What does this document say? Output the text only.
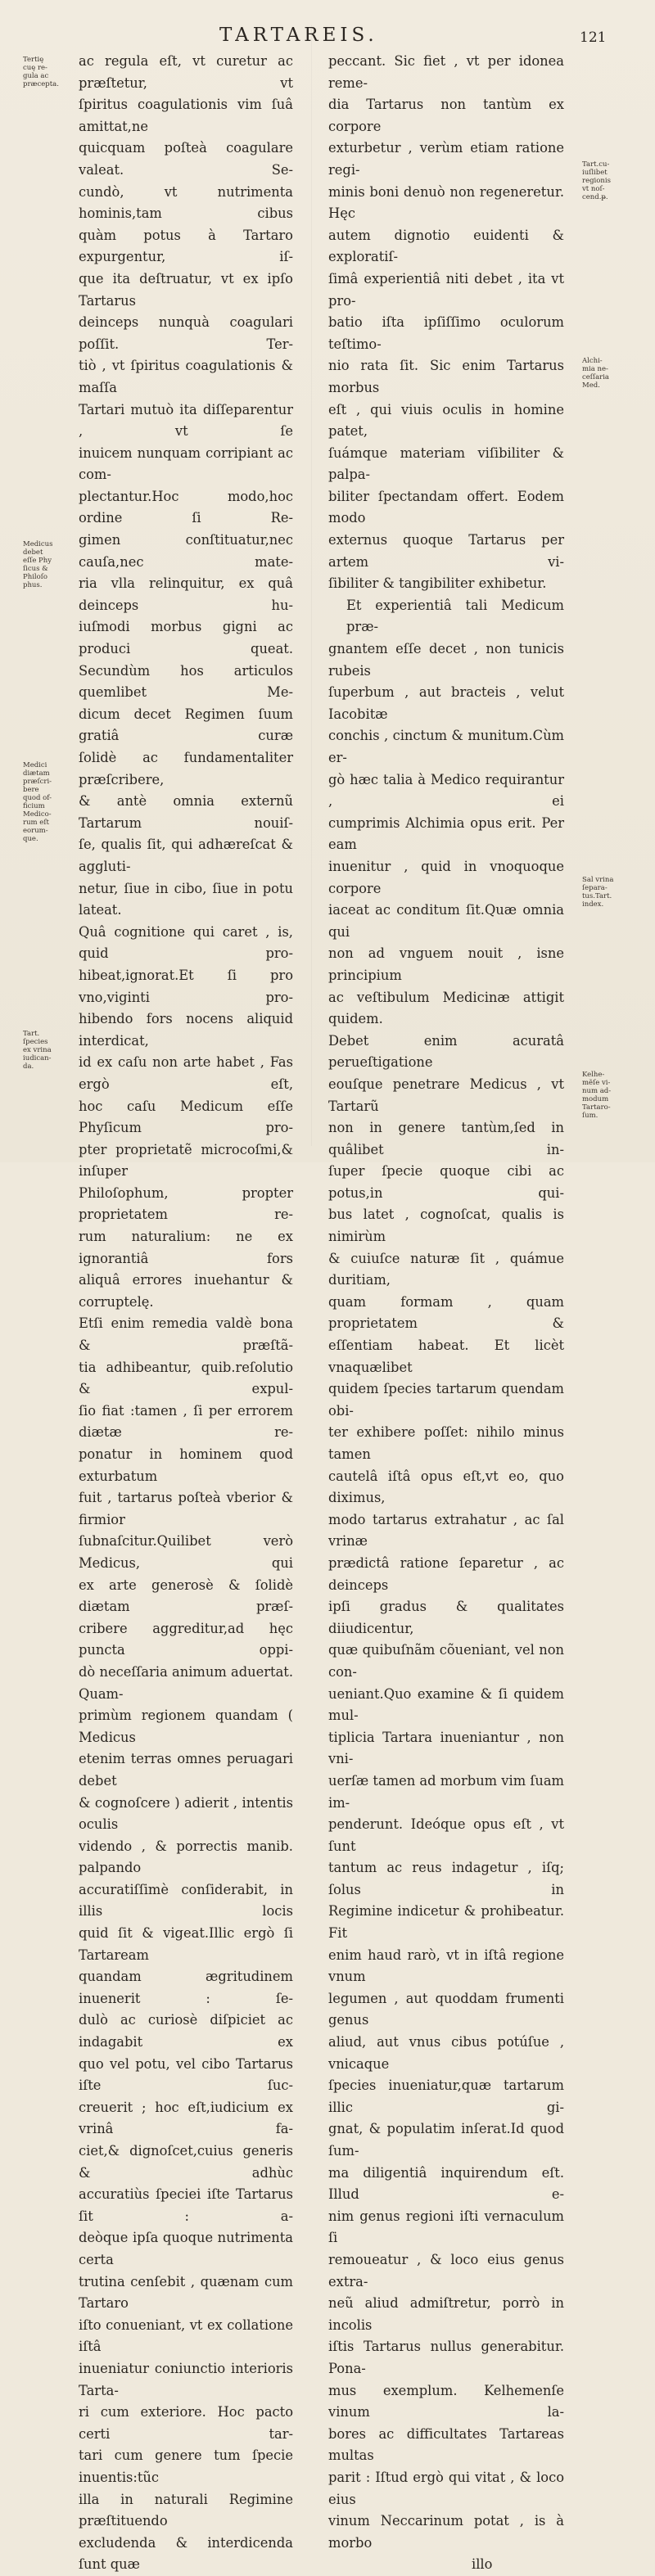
TARTAREIS.	121

ac regula eſt, vt curetur ac præſtetur, vt

ſpiritus coagulationis vim ſuâ amittat,ne

quicquam poſteà coagulare valeat. Se-

cundò, vt nutrimenta hominis,tam cibus

quàm potus à Tartaro expurgentur, iſ-

que ita deſtruatur, vt ex ipſo Tartarus

deinceps nunquà coagulari poſſit. Ter-

tiò , vt ſpiritus coagulationis & maſſa

Tartari mutuò ita diſſeparentur , vt ſe

inuicem nunquam corripiant ac com-

plectantur.Hoc modo,hoc ordine ſi Re-

gimen conſtituatur,nec cauſa,nec mate-

ria vlla relinquitur, ex quâ deinceps hu-

iuſmodi morbus gigni ac produci queat.

Secundùm hos articulos quemlibet Me-

dicum decet Regimen ſuum gratiâ curæ

ſolidè ac fundamentaliter præſcribere,

& antè omnia externũ Tartarum nouiſ-

ſe, qualis ſit, qui adhæreſcat & aggluti-

netur, ſiue in cibo, ſiue in potu lateat.

Quâ cognitione qui caret , is, quid pro-

hibeat,ignorat.Et ſi pro vno,viginti pro-

hibendo fors nocens aliquid interdicat,

id ex caſu non arte habet , Fas ergò eſt,

hoc caſu Medicum eſſe Phyſicum pro-

pter proprietatẽ microcoſmi,& inſuper

Philoſophum, propter proprietatem re-

rum naturalium: ne ex ignorantiâ fors

aliquâ errores inuehantur & corruptelę.

Etſi enim remedia valdè bona & præſtã-

tia adhibeantur, quib.reſolutio & expul-

ſio fiat :tamen , ſi per errorem diætæ re-

ponatur in hominem quod exturbatum

fuit , tartarus poſteà vberior & firmior

ſubnaſcitur.Quilibet verò Medicus, qui

ex arte generosè & ſolidè diætam præſ-

cribere aggreditur,ad hęc puncta oppi-

dò neceſſaria animum aduertat. Quam-

primùm regionem quandam ( Medicus

etenim terras omnes peruagari debet

& cognoſcere ) adierit , intentis oculis

videndo , & porrectis manib. palpando

accuratiſſimè conſiderabit, in illis locis

quid ſit & vigeat.Illic ergò ſi Tartaream

quandam ægritudinem inuenerit : ſe-

dulò ac curiosè diſpiciet ac indagabit ex

quo vel potu, vel cibo Tartarus iſte ſuc-

creuerit ; hoc eſt,iudicium ex vrinâ fa-

ciet,& dignoſcet,cuius generis & adhùc

accuratiùs ſpeciei iſte Tartarus ſit : a-

deòque ipſa quoque nutrimenta certa

trutina cenſebit , quænam cum Tartaro

iſto conueniant, vt ex collatione iſtâ

inueniatur coniunctio interioris Tarta-

ri cum exteriore. Hoc pacto certi tar-

tari cum genere tum ſpecie inuentis:tũc

illa in naturali Regimine præſtituendo

excludenda & interdicenda ſunt quæ

peccant. Sic fiet , vt per idonea reme-

dia Tartarus non tantùm ex corpore

exturbetur , verùm etiam ratione regi-

minis boni denuò non regeneretur. Hęc

autem dignotio euidenti & exploratiſ-

ſimâ experientiâ niti debet , ita vt pro-

batio iſta ipſiſſimo oculorum teſtimo-

nio rata ſit. Sic enim Tartarus morbus

eſt , qui viuis oculis in homine patet,

ſuámque materiam viſibiliter & palpa-

biliter ſpectandam offert. Eodem modo

externus quoque Tartarus per artem vi-

ſibiliter & tangibiliter exhibetur.

Et experientiâ tali Medicum præ-

gnantem eſſe decet , non tunicis rubeis

ſuperbum , aut bracteis , velut Iacobitæ

conchis , cinctum & munitum.Cùm er-

gò hæc talia à Medico requirantur , ei

cumprimis Alchimia opus erit. Per eam

inuenitur , quid in vnoquoque corpore

iaceat ac conditum ſit.Quæ omnia qui

non ad vnguem nouit , isne principium

ac veſtibulum Medicinæ attigit quidem.

Debet enim acuratâ perueſtigatione

eouſque penetrare Medicus , vt Tartarũ

non in genere tantùm,ſed in quâlibet in-

ſuper ſpecie quoque cibi ac potus,in qui-

bus latet , cognoſcat, qualis is nimirùm

& cuiuſce naturæ ſit , quámue duritiam,

quam formam , quam proprietatem &

eſſentiam habeat. Et licèt vnaquælibet

quidem ſpecies tartarum quendam obi-

ter exhibere poſſet: nihilo minus tamen

cautelâ iſtâ opus eſt,vt eo, quo diximus,

modo tartarus extrahatur , ac ſal vrinæ

prædictâ ratione ſeparetur , ac deinceps

ipſi gradus & qualitates diiudicentur,

quæ quibuſnãm cõueniant, vel non con-

ueniant.Quo examine & ſi quidem mul-

tiplicia Tartara inueniantur , non vni-

uerſæ tamen ad morbum vim ſuam im-

penderunt. Ideóque opus eſt , vt ſunt

tantum ac reus indagetur , iſq; ſolus in

Regimine indicetur & prohibeatur. Fit

enim haud rarò, vt in iſtâ regione vnum

legumen , aut quoddam frumenti genus

aliud, aut vnus cibus potúſue , vnicaque

ſpecies inueniatur,quæ tartarum illic gi-

gnat, & populatim inſerat.Id quod ſum-

ma diligentiâ inquirendum eſt. Illud e-

nim genus regioni iſti vernaculum ſi

remoueatur , & loco eius genus extra-

neũ aliud admiſtretur, porrò in incolis

iſtis Tartarus nullus generabitur. Pona-

mus exemplum. Kelhemenſe vinum la-

bores ac difficultates Tartareas multas

parit : Iſtud ergò qui vitat , & loco eius

vinum Neccarinum potat , is à morbo

illo

Tertię
cuę re-
gula ac
præcepta.
Medicus
debet
eſſe Phy
ſicus &
Philoſo
phus.
Medici
diætam
præſcri-
bere
quod of-
ficium
Medico-
rum eſt
eorum-
que.
Tart.
ſpecies
ex vrina
iudican-
da.
Tart.cu-
iuſlibet
regionis
vt noſ-
cend.ᵽ.
Alchi-
mia ne-
ceſſaria
Med.
Sal vrina
ſepara-
tus.Tart.
index.
Kelhe-
mẽſe vi-
num ad-
modum
Tartaro-
ſum.
